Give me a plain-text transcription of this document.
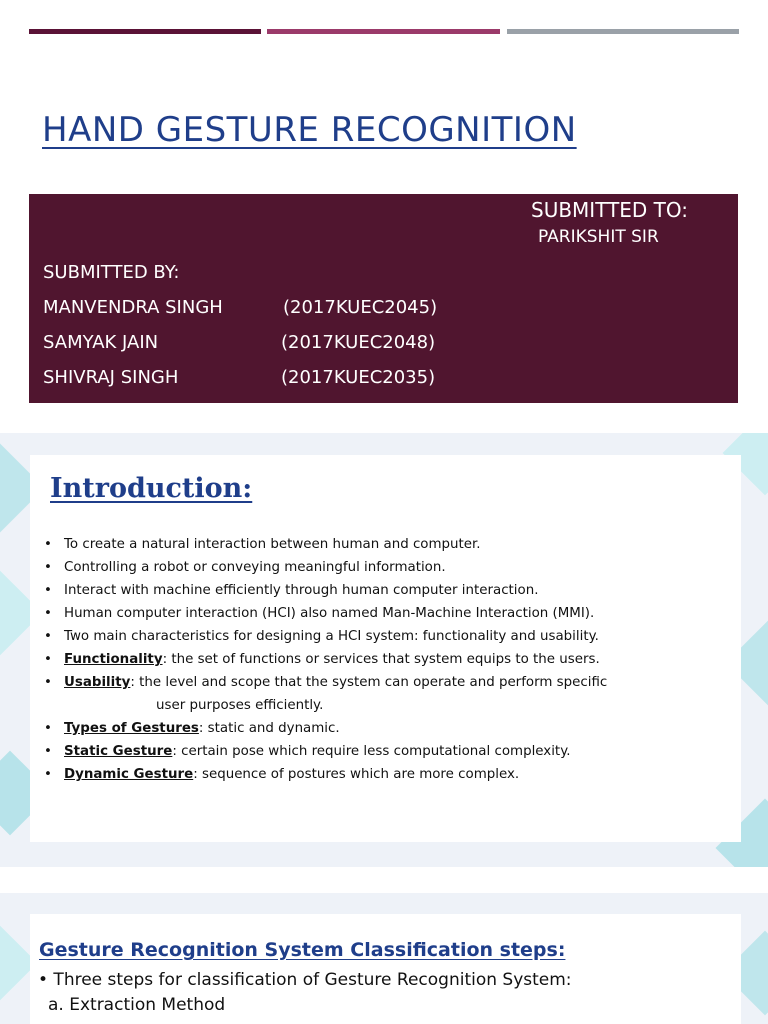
HAND GESTURE RECOGNITION
SUBMITTED TO:
PARIKSHIT SIR
SUBMITTED BY:
MANVENDRA SINGH	(2017KUEC2045)
SAMYAK JAIN	(2017KUEC2048)
SHIVRAJ SINGH	(2017KUEC2035)
Introduction:
• To create a natural interaction between human and computer.
• Controlling a robot or conveying meaningful information.
• Interact with machine efficiently through human computer interaction.
• Human computer interaction (HCI) also named Man-Machine Interaction (MMI).
• Two main characteristics for designing a HCI system: functionality and usability.
• Functionality: the set of functions or services that system equips to the users.
• Usability: the level and scope that the system can operate and perform specific
user purposes efficiently.
• Types of Gestures: static and dynamic.
• Static Gesture: certain pose which require less computational complexity.
• Dynamic Gesture: sequence of postures which are more complex.
Gesture Recognition System Classification steps:
• Three steps for classification of Gesture Recognition System:
a. Extraction Method
